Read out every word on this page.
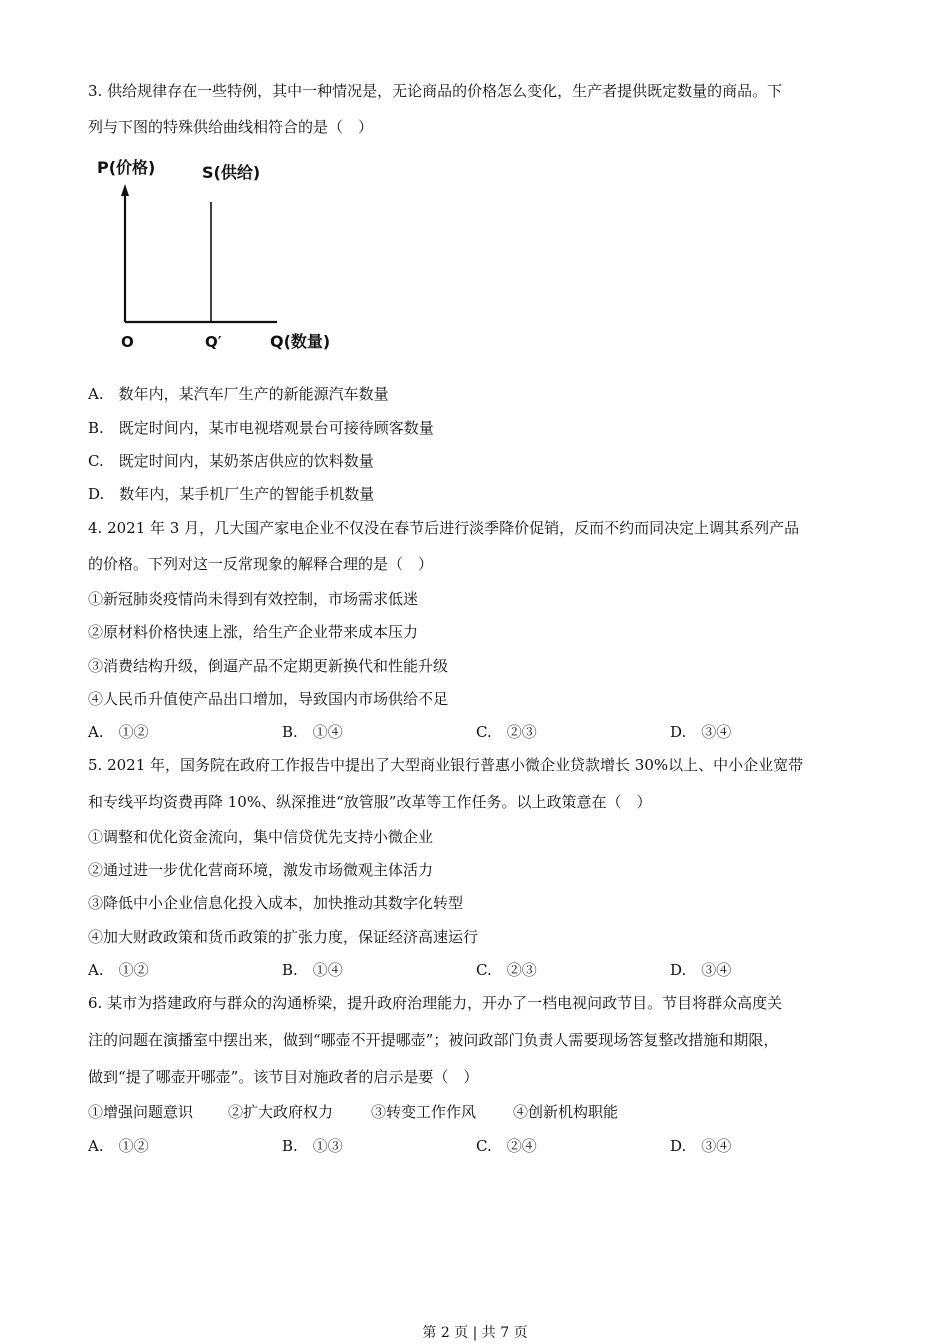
3. 供给规律存在一些特例，其中一种情况是，无论商品的价格怎么变化，生产者提供既定数量的商品。下
列与下图的特殊供给曲线相符合的是（　）
P(价格)	S(供给)
O	Q′	Q(数量)
A.　数年内，某汽车厂生产的新能源汽车数量
B.　既定时间内，某市电视塔观景台可接待顾客数量
C.　既定时间内，某奶茶店供应的饮料数量
D.　数年内，某手机厂生产的智能手机数量
4. 2021 年 3 月，几大国产家电企业不仅没在春节后进行淡季降价促销，反而不约而同决定上调其系列产品
的价格。下列对这一反常现象的解释合理的是（　）
①新冠肺炎疫情尚未得到有效控制，市场需求低迷
②原材料价格快速上涨，给生产企业带来成本压力
③消费结构升级，倒逼产品不定期更新换代和性能升级
④人民币升值使产品出口增加，导致国内市场供给不足
A.　①②	B.　①④	C.　②③	D.　③④
5. 2021 年，国务院在政府工作报告中提出了大型商业银行普惠小微企业贷款增长 30%以上、中小企业宽带
和专线平均资费再降 10%、纵深推进“放管服”改革等工作任务。以上政策意在（　）
①调整和优化资金流向，集中信贷优先支持小微企业
②通过进一步优化营商环境，激发市场微观主体活力
③降低中小企业信息化投入成本，加快推动其数字化转型
④加大财政政策和货币政策的扩张力度，保证经济高速运行
A.　①②	B.　①④	C.　②③	D.　③④
6. 某市为搭建政府与群众的沟通桥梁，提升政府治理能力，开办了一档电视问政节目。节目将群众高度关
注的问题在演播室中摆出来，做到“哪壶不开提哪壶”；被问政部门负责人需要现场答复整改措施和期限，
做到“提了哪壶开哪壶”。该节目对施政者的启示是要（　）
①增强问题意识 ②扩大政府权力	③转变工作作风 ④创新机构职能
A.　①②	B.　①③	C.　②④	D.　③④
第 2 页 | 共 7 页
